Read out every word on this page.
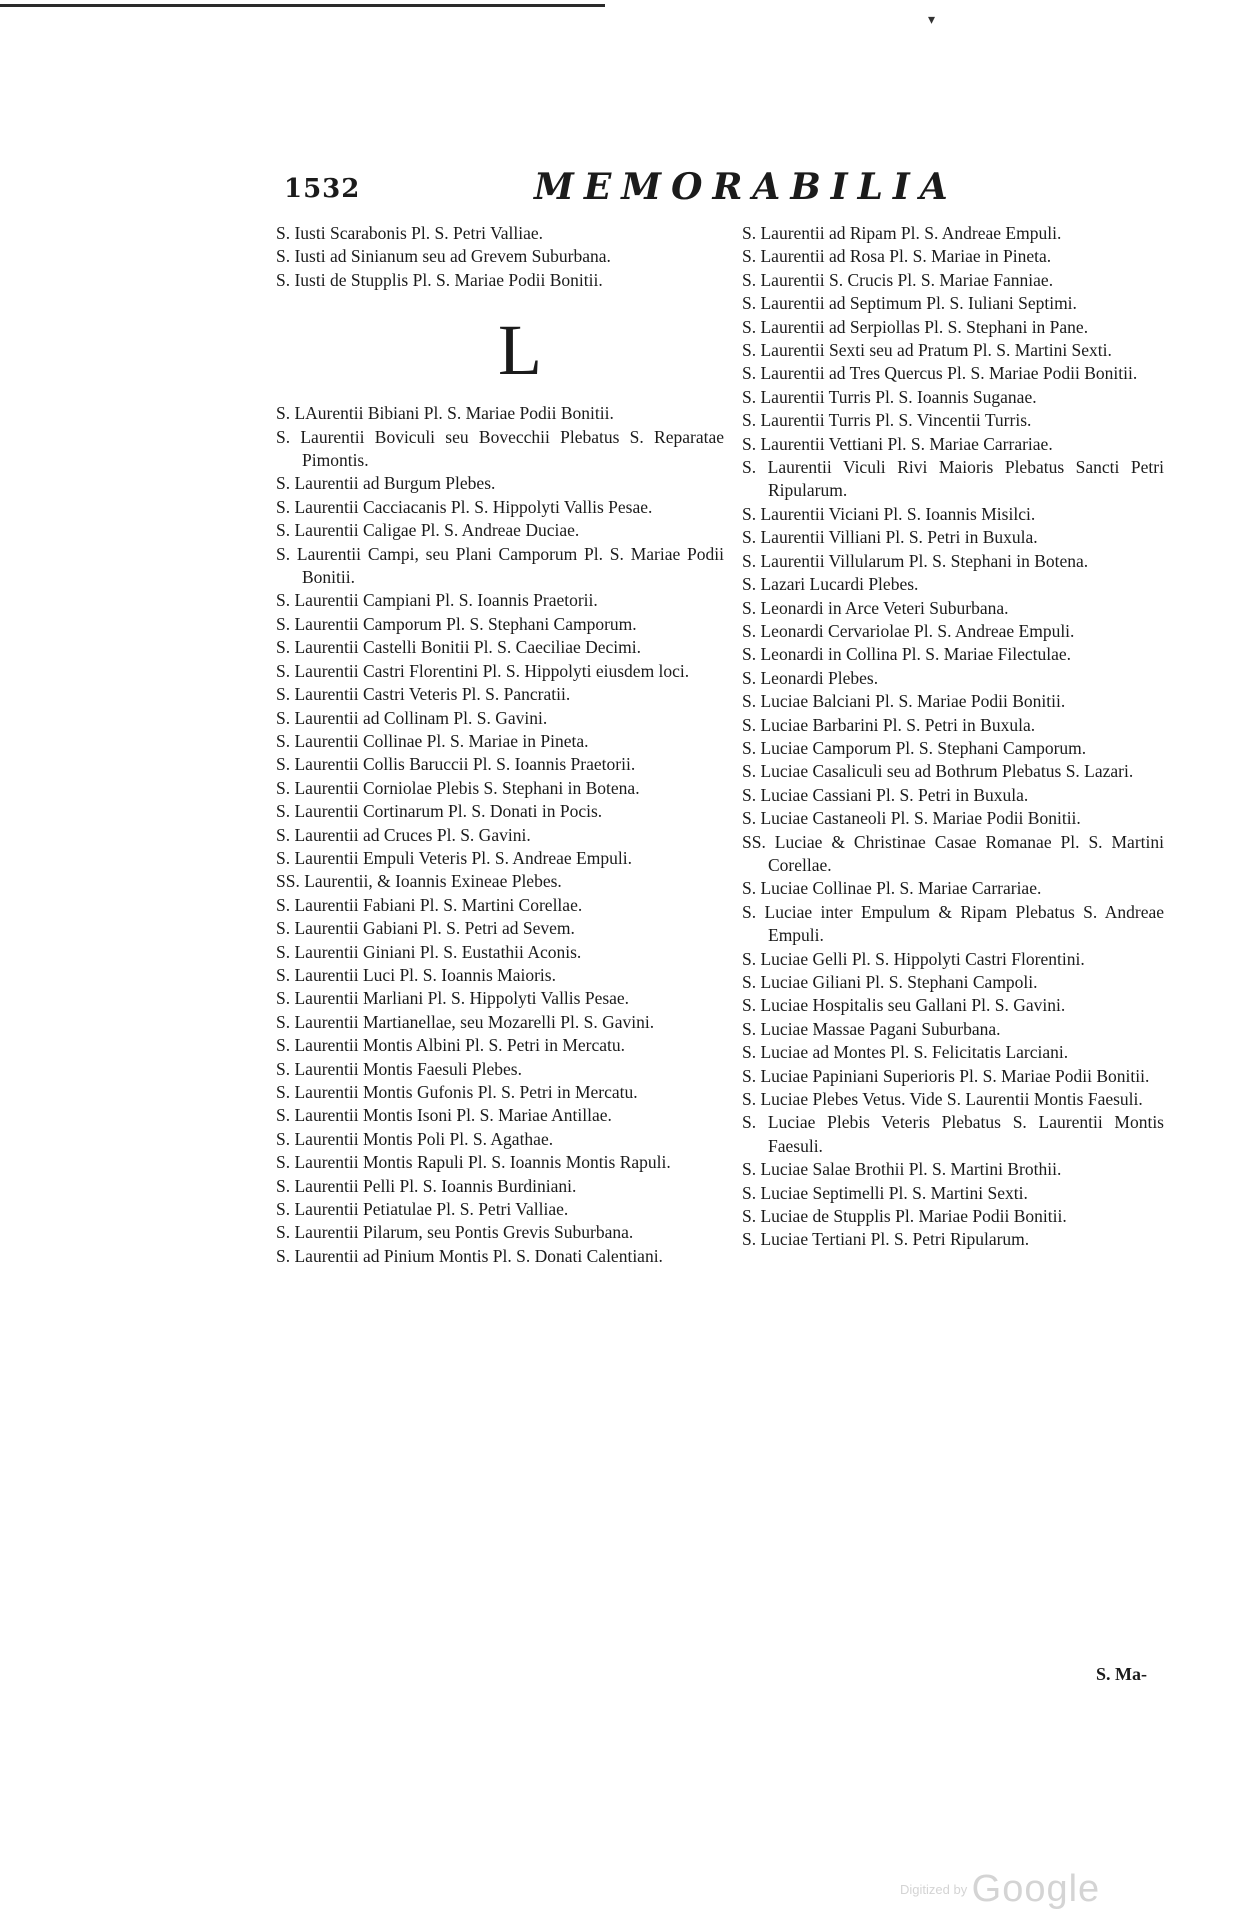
▾
1532	MEMORABILIA

S. Iusti Scarabonis Pl. S. Petri Valliae.

S. Iusti ad Sinianum seu ad Grevem Suburbana.

S. Iusti de Stupplis Pl. S. Mariae Podii Bonitii.

L

S. LAurentii Bibiani Pl. S. Mariae Podii Bonitii.

S. Laurentii Boviculi seu Bovecchii Plebatus S. Reparatae Pimontis.

S. Laurentii ad Burgum Plebes.

S. Laurentii Cacciacanis Pl. S. Hippolyti Vallis Pesae.

S. Laurentii Caligae Pl. S. Andreae Duciae.

S. Laurentii Campi, seu Plani Camporum Pl. S. Mariae Podii Bonitii.

S. Laurentii Campiani Pl. S. Ioannis Praetorii.

S. Laurentii Camporum Pl. S. Stephani Camporum.

S. Laurentii Castelli Bonitii Pl. S. Caeciliae Decimi.

S. Laurentii Castri Florentini Pl. S. Hippolyti eiusdem loci.

S. Laurentii Castri Veteris Pl. S. Pancratii.

S. Laurentii ad Collinam Pl. S. Gavini.

S. Laurentii Collinae Pl. S. Mariae in Pineta.

S. Laurentii Collis Baruccii Pl. S. Ioannis Praetorii.

S. Laurentii Corniolae Plebis S. Stephani in Botena.

S. Laurentii Cortinarum Pl. S. Donati in Pocis.

S. Laurentii ad Cruces Pl. S. Gavini.

S. Laurentii Empuli Veteris Pl. S. Andreae Empuli.

SS. Laurentii, & Ioannis Exineae Plebes.

S. Laurentii Fabiani Pl. S. Martini Corellae.

S. Laurentii Gabiani Pl. S. Petri ad Sevem.

S. Laurentii Giniani Pl. S. Eustathii Aconis.

S. Laurentii Luci Pl. S. Ioannis Maioris.

S. Laurentii Marliani Pl. S. Hippolyti Vallis Pesae.

S. Laurentii Martianellae, seu Mozarelli Pl. S. Gavini.

S. Laurentii Montis Albini Pl. S. Petri in Mercatu.

S. Laurentii Montis Faesuli Plebes.

S. Laurentii Montis Gufonis Pl. S. Petri in Mercatu.

S. Laurentii Montis Isoni Pl. S. Mariae Antillae.

S. Laurentii Montis Poli Pl. S. Agathae.

S. Laurentii Montis Rapuli Pl. S. Ioannis Montis Rapuli.

S. Laurentii Pelli Pl. S. Ioannis Burdiniani.

S. Laurentii Petiatulae Pl. S. Petri Valliae.

S. Laurentii Pilarum, seu Pontis Grevis Suburbana.

S. Laurentii ad Pinium Montis Pl. S. Donati Calentiani.

S. Laurentii ad Ripam Pl. S. Andreae Empuli.

S. Laurentii ad Rosa Pl. S. Mariae in Pineta.

S. Laurentii S. Crucis Pl. S. Mariae Fanniae.

S. Laurentii ad Septimum Pl. S. Iuliani Septimi.

S. Laurentii ad Serpiollas Pl. S. Stephani in Pane.

S. Laurentii Sexti seu ad Pratum Pl. S. Martini Sexti.

S. Laurentii ad Tres Quercus Pl. S. Mariae Podii Bonitii.

S. Laurentii Turris Pl. S. Ioannis Suganae.

S. Laurentii Turris Pl. S. Vincentii Turris.

S. Laurentii Vettiani Pl. S. Mariae Carrariae.

S. Laurentii Viculi Rivi Maioris Plebatus Sancti Petri Ripularum.

S. Laurentii Viciani Pl. S. Ioannis Misilci.

S. Laurentii Villiani Pl. S. Petri in Buxula.

S. Laurentii Villularum Pl. S. Stephani in Botena.

S. Lazari Lucardi Plebes.

S. Leonardi in Arce Veteri Suburbana.

S. Leonardi Cervariolae Pl. S. Andreae Empuli.

S. Leonardi in Collina Pl. S. Mariae Filectulae.

S. Leonardi Plebes.

S. Luciae Balciani Pl. S. Mariae Podii Bonitii.

S. Luciae Barbarini Pl. S. Petri in Buxula.

S. Luciae Camporum Pl. S. Stephani Camporum.

S. Luciae Casaliculi seu ad Bothrum Plebatus S. Lazari.

S. Luciae Cassiani Pl. S. Petri in Buxula.

S. Luciae Castaneoli Pl. S. Mariae Podii Bonitii.

SS. Luciae & Christinae Casae Romanae Pl. S. Martini Corellae.

S. Luciae Collinae Pl. S. Mariae Carrariae.

S. Luciae inter Empulum & Ripam Plebatus S. Andreae Empuli.

S. Luciae Gelli Pl. S. Hippolyti Castri Florentini.

S. Luciae Giliani Pl. S. Stephani Campoli.

S. Luciae Hospitalis seu Gallani Pl. S. Gavini.

S. Luciae Massae Pagani Suburbana.

S. Luciae ad Montes Pl. S. Felicitatis Larciani.

S. Luciae Papiniani Superioris Pl. S. Mariae Podii Bonitii.

S. Luciae Plebes Vetus. Vide S. Laurentii Montis Faesuli.

S. Luciae Plebis Veteris Plebatus S. Laurentii Montis Faesuli.

S. Luciae Salae Brothii Pl. S. Martini Brothii.

S. Luciae Septimelli Pl. S. Martini Sexti.

S. Luciae de Stupplis Pl. Mariae Podii Bonitii.

S. Luciae Tertiani Pl. S. Petri Ripularum.

S. Ma-
Digitized by Google
